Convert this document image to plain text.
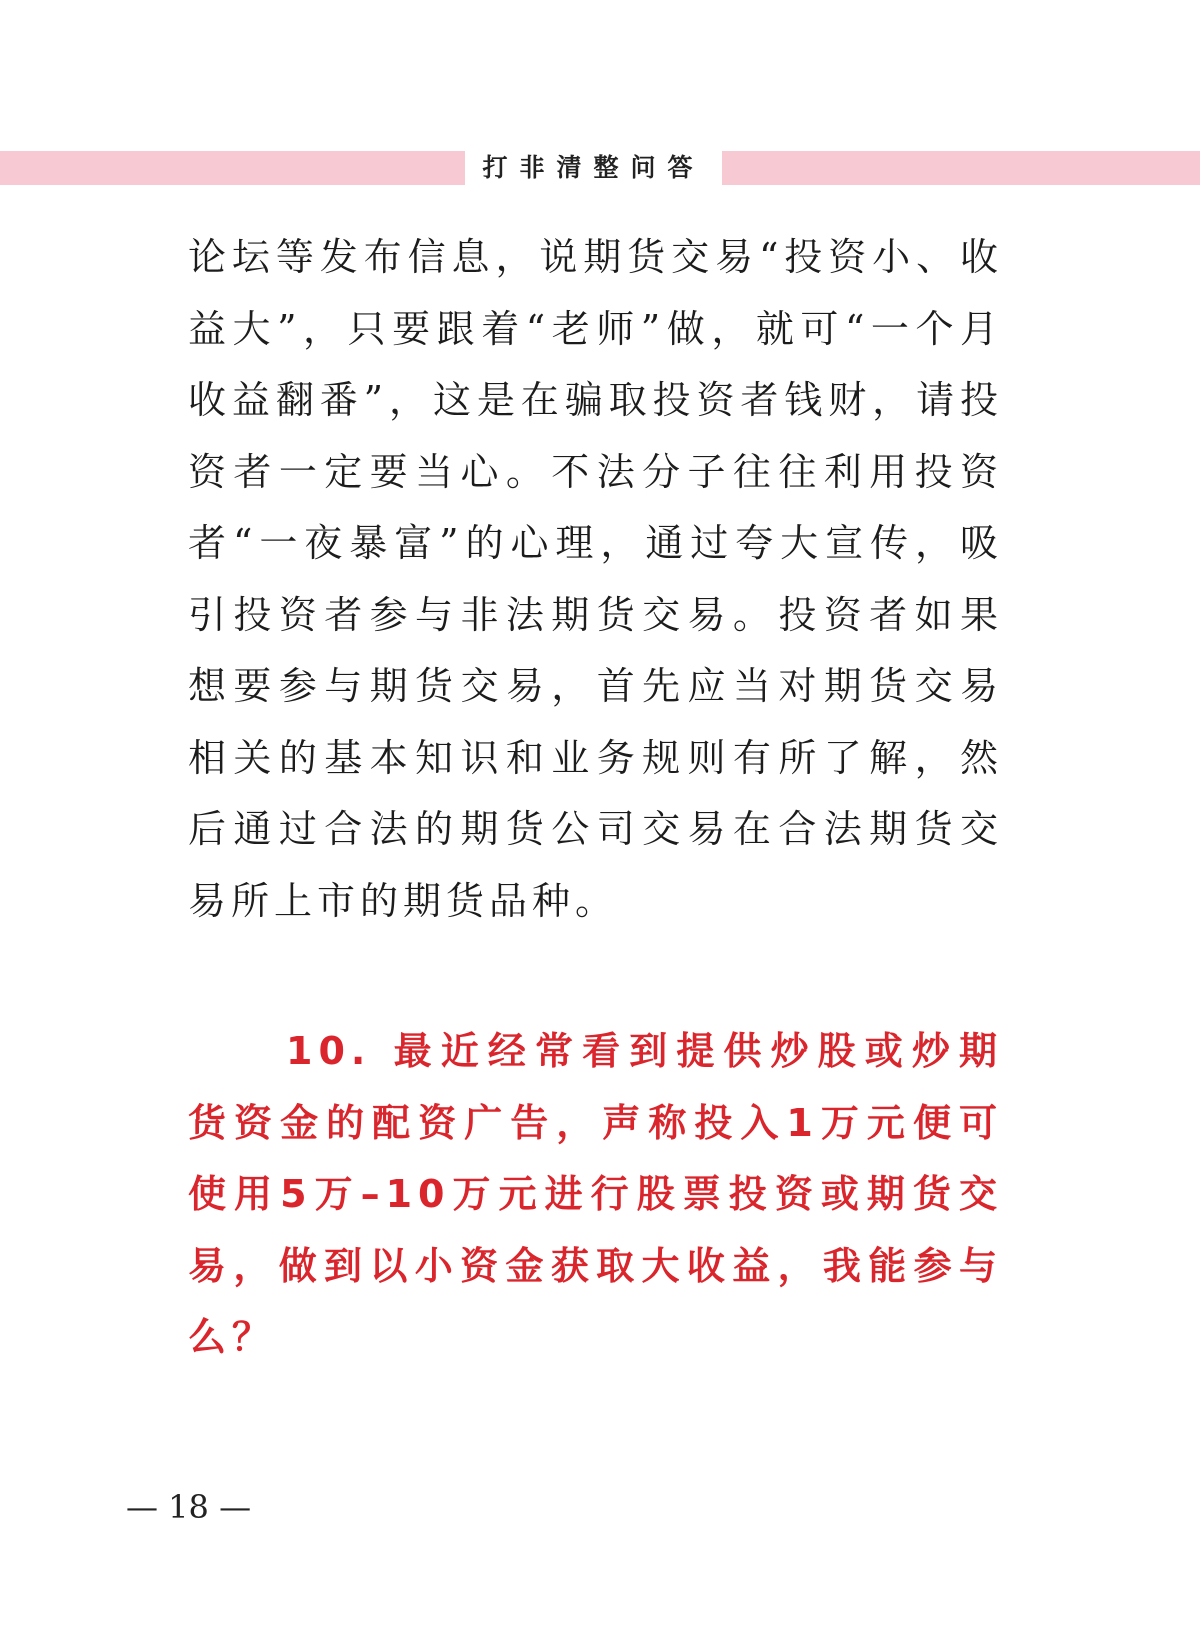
打非清整问答

论坛等发布信息，说期货交易“投资小、收益大”，只要跟着“老师”做，就可“一个月收益翻番”，这是在骗取投资者钱财，请投资者一定要当心。不法分子往往利用投资者“一夜暴富”的心理，通过夸大宣传，吸引投资者参与非法期货交易。投资者如果想要参与期货交易，首先应当对期货交易相关的基本知识和业务规则有所了解，然后通过合法的期货公司交易在合法期货交易所上市的期货品种。

10. 最近经常看到提供炒股或炒期货资金的配资广告，声称投入1万元便可使用5万–10万元进行股票投资或期货交易，做到以小资金获取大收益，我能参与么？

— 18 —
